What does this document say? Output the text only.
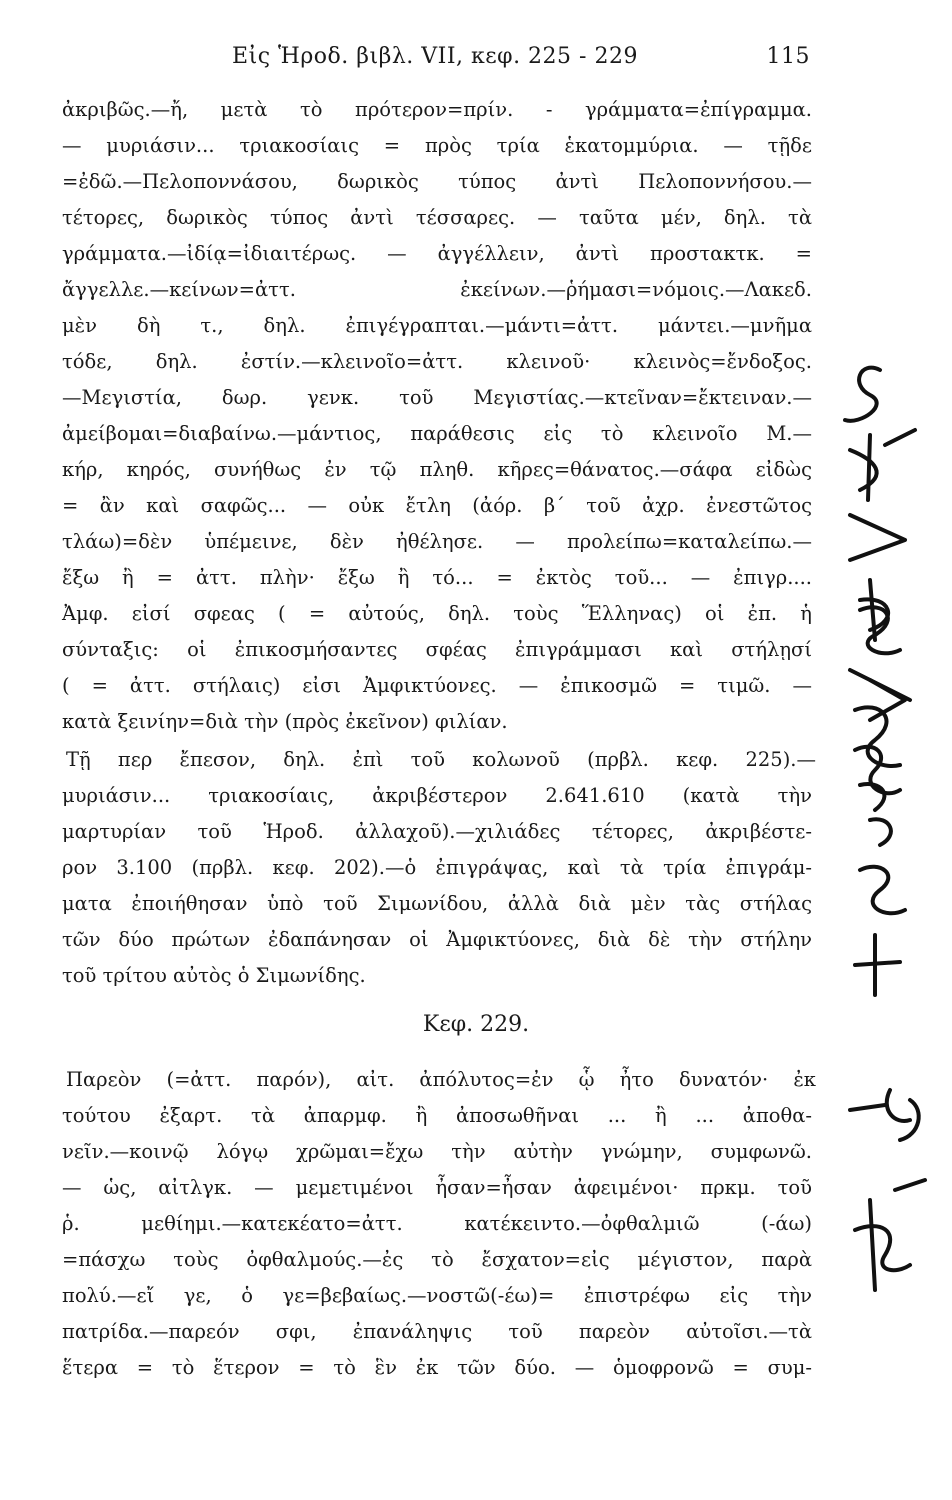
Εἰς Ἡροδ. βιβλ. VII, κεφ. 225 - 229	115
ἀκριβῶς.—ἤ, μετὰ τὸ πρότερον=πρίν. - γράμματα=ἐπίγραμμα.
— μυριάσιν... τριακοσίαις = πρὸς τρία ἑκατομμύρια. — τῇδε
=ἐδῶ.—Πελοποννάσου, δωρικὸς τύπος ἀντὶ Πελοποννήσου.—
τέτορες, δωρικὸς τύπος ἀντὶ τέσσαρες. — ταῦτα μέν, δηλ. τὰ
γράμματα.—ἰδίᾳ=ἰδιαιτέρως. — ἀγγέλλειν, ἀντὶ προστακτκ. =
ἄγγελλε.—κείνων=ἀττ. ἐκείνων.—ῥήμασι=νόμοις.—Λακεδ.
μὲν δὴ τ., δηλ. ἐπιγέγραπται.—μάντι=ἀττ. μάντει.—μνῆμα
τόδε, δηλ. ἐστίν.—κλεινοῖο=ἀττ. κλεινοῦ· κλεινὸς=ἔνδοξος.
—Μεγιστία, δωρ. γενκ. τοῦ Μεγιστίας.—κτεῖναν=ἔκτειναν.—
ἀμείβομαι=διαβαίνω.—μάντιος, παράθεσις εἰς τὸ κλεινοῖο Μ.—
κήρ, κηρός, συνήθως ἐν τῷ πληθ. κῆρες=θάνατος.—σάφα εἰδὼς
= ἂν καὶ σαφῶς... — οὐκ ἔτλη (ἀόρ. β΄ τοῦ ἀχρ. ἐνεστῶτος
τλάω)=δὲν ὑπέμεινε, δὲν ἠθέλησε. — προλείπω=καταλείπω.—
ἔξω ἢ = ἀττ. πλὴν· ἔξω ἢ τό... = ἐκτὸς τοῦ... — ἐπιγρ....
Ἀμφ. εἰσί σφεας ( = αὐτούς, δηλ. τοὺς Ἕλληνας) οἱ ἐπ. ἡ
σύνταξις: οἱ ἐπικοσμήσαντες σφέας ἐπιγράμμασι καὶ στήλῃσί
( = ἀττ. στήλαις) εἰσι Ἀμφικτύονες. — ἐπικοσμῶ = τιμῶ. —
κατὰ ξεινίην=διὰ τὴν (πρὸς ἐκεῖνον) φιλίαν.
Τῇ περ ἔπεσον, δηλ. ἐπὶ τοῦ κολωνοῦ (πρβλ. κεφ. 225).—
μυριάσιν... τριακοσίαις, ἀκριβέστερον 2.641.610 (κατὰ τὴν
μαρτυρίαν τοῦ Ἡροδ. ἀλλαχοῦ).—χιλιάδες τέτορες, ἀκριβέστε-
ρον 3.100 (πρβλ. κεφ. 202).—ὁ ἐπιγράψας, καὶ τὰ τρία ἐπιγράμ-
ματα ἐποιήθησαν ὑπὸ τοῦ Σιμωνίδου, ἀλλὰ διὰ μὲν τὰς στήλας
τῶν δύο πρώτων ἐδαπάνησαν οἱ Ἀμφικτύονες, διὰ δὲ τὴν στήλην
τοῦ τρίτου αὐτὸς ὁ Σιμωνίδης.
Κεφ. 229.
Παρεὸν (=ἀττ. παρόν), αἰτ. ἀπόλυτος=ἐν ᾧ ἦτο δυνατόν· ἐκ
τούτου ἐξαρτ. τὰ ἀπαρμφ. ἢ ἀποσωθῆναι ... ἢ ... ἀποθα-
νεῖν.—κοινῷ λόγῳ χρῶμαι=ἔχω τὴν αὐτὴν γνώμην, συμφωνῶ.
— ὡς, αἰτλγκ. — μεμετιμένοι ἦσαν=ἦσαν ἀφειμένοι· πρκμ. τοῦ
ῥ. μεθίημι.—κατεκέατο=ἀττ. κατέκειντο.—ὀφθαλμιῶ (-άω)
=πάσχω τοὺς ὀφθαλμούς.—ἐς τὸ ἔσχατον=εἰς μέγιστον, παρὰ
πολύ.—εἴ γε, ὁ γε=βεβαίως.—νοστῶ(-έω)= ἐπιστρέφω εἰς τὴν
πατρίδα.—παρεόν σφι, ἐπανάληψις τοῦ παρεὸν αὐτοῖσι.—τὰ
ἕτερα = τὸ ἕτερον = τὸ ἓν ἐκ τῶν δύο. — ὁμοφρονῶ = συμ-
